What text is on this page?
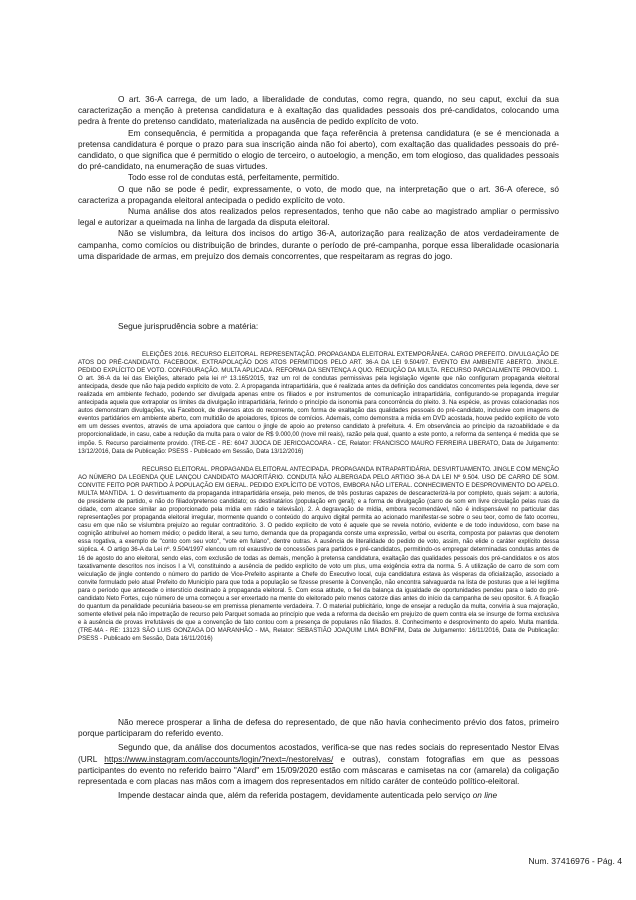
O art. 36-A carrega, de um lado, a liberalidade de condutas, como regra, quando, no seu caput, exclui da sua caracterização a menção à pretensa candidatura e à exaltação das qualidades pessoais dos pré-candidatos, colocando uma pedra à frente do pretenso candidato, materializada na ausência de pedido explícito de voto.

Em consequência, é permitida a propaganda que faça referência à pretensa candidatura (e se é mencionada a pretensa candidatura é porque o prazo para sua inscrição ainda não foi aberto), com exaltação das qualidades pessoais do pré-candidato, o que significa que é permitido o elogio de terceiro, o autoelogio, a menção, em tom elogioso, das qualidades pessoais do pré-candidato, na enumeração de suas virtudes.

Todo esse rol de condutas está, perfeitamente, permitido.

O que não se pode é pedir, expressamente, o voto, de modo que, na interpretação que o art. 36-A oferece, só caracteriza a propaganda eleitoral antecipada o pedido explícito de voto.

Numa análise dos atos realizados pelos representados, tenho que não cabe ao magistrado ampliar o permissivo legal e autorizar a queimada na linha de largada da disputa eleitoral.

Não se vislumbra, da leitura dos incisos do artigo 36-A, autorização para realização de atos verdadeiramente de campanha, como comícios ou distribuição de brindes, durante o período de pré-campanha, porque essa liberalidade ocasionaria uma disparidade de armas, em prejuízo dos demais concorrentes, que respeitaram as regras do jogo.

Segue jurisprudência sobre a matéria:

ELEIÇÕES 2016. RECURSO ELEITORAL. REPRESENTAÇÃO. PROPAGANDA ELEITORAL EXTEMPORÂNEA. CARGO PREFEITO. DIVULGAÇÃO DE ATOS DO PRÉ-CANDIDATO. FACEBOOK. EXTRAPOLAÇÃO DOS ATOS PERMITIDOS PELO ART. 36-A DA LEI 9.504/97. EVENTO EM AMBIENTE ABERTO. JINGLE. PEDIDO EXPLÍCITO DE VOTO. CONFIGURAÇÃO. MULTA APLICADA. REFORMA DA SENTENÇA A QUO. REDUÇÃO DA MULTA. RECURSO PARCIALMENTE PROVIDO. 1. O art. 36-A da lei das Eleições, alterado pela lei nº 13.165/2015, traz um rol de condutas permissivas pela legislação vigente que não configuram propaganda eleitoral antecipada, desde que não haja pedido explícito de voto. 2. A propaganda intrapartidária, que é realizada antes da definição dos candidatos concorrentes pela legenda, deve ser realizada em ambiente fechado, podendo ser divulgada apenas entre os filiados e por instrumentos de comunicação intrapartidária, configurando-se propaganda irregular antecipada aquela que extrapolar os limites da divulgação intrapartidária, ferindo o princípio da isonomia para concorrência do pleito. 3. Na espécie, as provas colacionadas nos autos demonstram divulgações, via Facebook, de diversos atos do recorrente, com forma de exaltação das qualidades pessoais do pré-candidato, inclusive com imagens de eventos partidários em ambiente aberto, com multidão de apoiadores, típicos de comícios. Ademais, como demonstra a mídia em DVD acostada, houve pedido explícito de voto em um desses eventos, através de uma apoiadora que cantou o jingle de apoio ao pretenso candidato à prefeitura. 4. Em observância ao princípio da razoabilidade e da proporcionalidade, in casu, cabe a redução da multa para o valor de R$ 9.000,00 (nove mil reais), razão pela qual, quanto a este ponto, a reforma da sentença é medida que se impõe. 5. Recurso parcialmente provido. (TRE-CE - RE: 6047 JIJOCA DE JERICOACOARA - CE, Relator: FRANCISCO MAURO FERREIRA LIBERATO, Data de Julgamento: 13/12/2016, Data de Publicação: PSESS - Publicado em Sessão, Data 13/12/2016)

RECURSO ELEITORAL. PROPAGANDA ELEITORAL ANTECIPADA. PROPAGANDA INTRAPARTIDÁRIA. DESVIRTUAMENTO. JINGLE COM MENÇÃO AO NÚMERO DA LEGENDA QUE LANÇOU CANDIDATO MAJORITÁRIO. CONDUTA NÃO ALBERGADA PELO ARTIGO 36-A DA LEI Nº 9.504. USO DE CARRO DE SOM. CONVITE FEITO POR PARTIDO À POPULAÇÃO EM GERAL. PEDIDO EXPLÍCITO DE VOTOS, EMBORA NÃO LITERAL. CONHECIMENTO E DESPROVIMENTO DO APELO. MULTA MANTIDA. 1. O desvirtuamento da propaganda intrapartidária enseja, pelo menos, de três posturas capazes de descaracterizá-la por completo, quais sejam: a autoria, de presidente de partido, e não do filiado/pretenso candidato; os destinatários (população em geral); e a forma de divulgação (carro de som em livre circulação pelas ruas da cidade, com alcance similar ao proporcionado pela mídia em rádio e televisão). 2. A degravação de mídia, embora recomendável, não é indispensável no particular das representações por propaganda eleitoral irregular, mormente quando o conteúdo do arquivo digital permita ao acionado manifestar-se sobre o seu teor, como de fato ocorreu, casu em que não se vislumbra prejuízo ao regular contraditório. 3. O pedido explícito de voto é aquele que se revela notório, evidente e de todo induvidoso, com base na cognição atribuível ao homem médio; o pedido literal, a seu turno, demanda que da propaganda conste uma expressão, verbal ou escrita, composta por palavras que denotem essa rogativa, a exemplo de "conto com seu voto", "vote em fulano", dentre outras. A ausência de literalidade do pedido de voto, assim, não elide o caráter explícito dessa súplica. 4. O artigo 36-A da Lei nº. 9.504/1997 elencou um rol exaustivo de concessões para partidos e pré-candidatos, permitindo-os empregar determinadas condutas antes de 16 de agosto do ano eleitoral, sendo elas, com exclusão de todas as demais, menção à pretensa candidatura, exaltação das qualidades pessoais dos pré-candidatos e os atos taxativamente descritos nos incisos I a VI, constituindo a ausência de pedido explícito de voto um plus, uma exigência extra da norma. 5. A utilização de carro de som com veiculação de jingle contendo o número do partido de Vice-Prefeito aspirante a Chefe do Executivo local, cuja candidatura estava às vésperas da oficialização, associado a convite formulado pelo atual Prefeito do Município para que toda a população se fizesse presente à Convenção, não encontra salvaguarda na lista de posturas que a lei legitima para o período que antecede o interstício destinado à propaganda eleitoral. 5. Com essa atitude, o fiel da balança da igualdade de oportunidades pendeu para o lado do pré-candidato Neto Fortes, cujo número de urna começou a ser enxertado na mente do eleitorado pelo menos catorze dias antes do início da campanha de seu opositor. 6. A fixação do quantum da penalidade pecuniária baseou-se em premissa plenamente verdadeira. 7. O material publicitário, longe de ensejar a redução da multa, conviria à sua majoração, somente efetivel pela não impetração de recurso pelo Parquet somada ao princípio que veda a reforma da decisão em prejuízo de quem contra ela se insurge de forma exclusiva e à ausência de provas irrefutáveis de que a convenção de fato contou com a presença de populares não filiados. 8. Conhecimento e desprovimento do apelo. Multa mantida. (TRE-MA - RE: 13123 SÃO LUIS GONZAGA DO MARANHÃO - MA, Relator: SEBASTIÃO JOAQUIM LIMA BONFIM, Data de Julgamento: 16/11/2016, Data de Publicação: PSESS - Publicado em Sessão, Data 16/11/2016)

Não merece prosperar a linha de defesa do representado, de que não havia conhecimento prévio dos fatos, primeiro porque participaram do referido evento.

Segundo que, da análise dos documentos acostados, verifica-se que nas redes sociais do representado Nestor Elvas (URL https://www.instagram.com/accounts/login/?next=/nestorelvas/ e outras), constam fotografias em que as pessoas participantes do evento no referido bairro "Alard" em 15/09/2020 estão com máscaras e camisetas na cor (amarela) da coligação representada e com placas nas mãos com a imagem dos representados em nítido caráter de conteúdo político-eleitoral.

Impende destacar ainda que, além da referida postagem, devidamente autenticada pelo serviço on line

Num. 37416976 - Pág. 4
